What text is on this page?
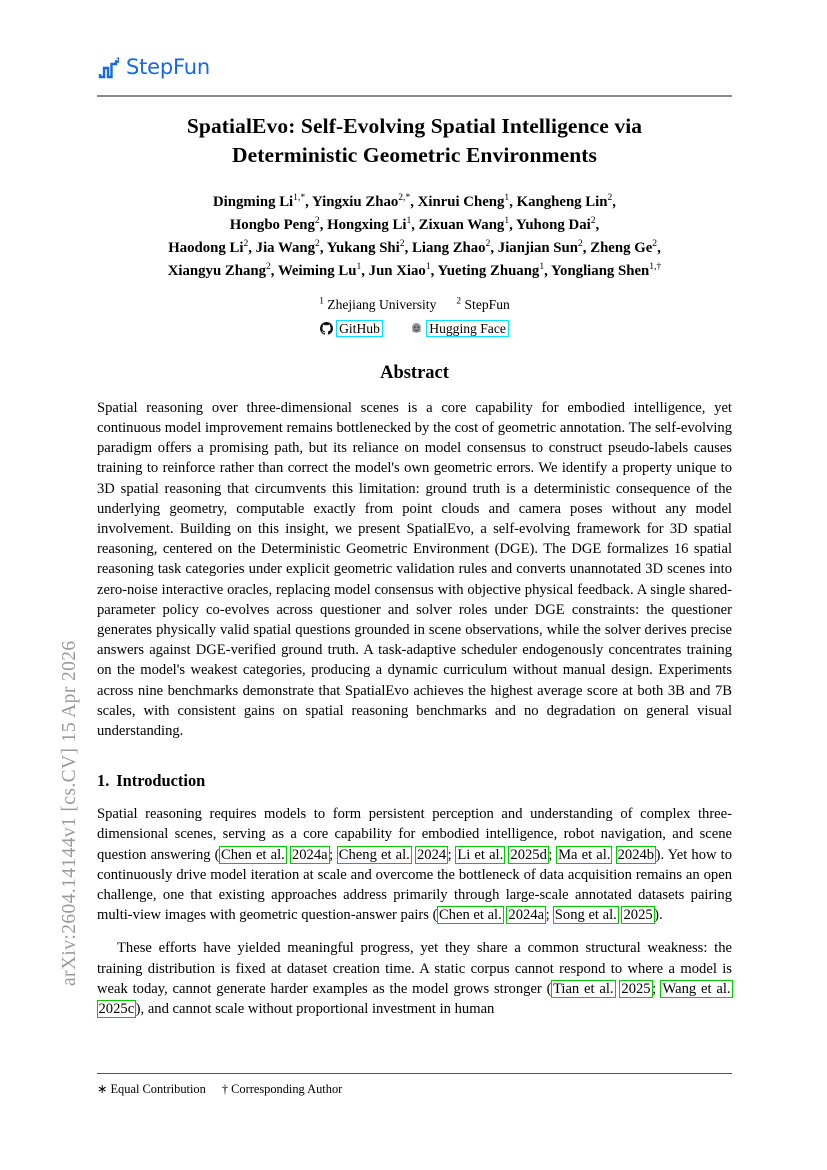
arXiv:2604.14144v1 [cs.CV] 15 Apr 2026
StepFun
SpatialEvo: Self-Evolving Spatial Intelligence via
Deterministic Geometric Environments
Dingming $Li^{1,*}$, Yingxiu Zhao$^{2,*}$, Xinrui Cheng$^1$, Kangheng Lin$^2$,
Hongbo Peng$^2$, Hongxing Li$^1$, Zixuan Wang$^1$, Yuhong Dai$^2$,
Haodong Li$^2$, Jia Wang$^2$, Yukang Shi$^2$, Liang Zhao$^2$, Jianjian Sun$^2$, Zheng Ge$^2$,
Xiangyu Zhang$^2$, Weiming Lu$^1$, Jun Xiao$^1$, Yueting Zhuang$^1$, Yongliang Shen$^{1,\dagger}$
$^1$ Zhejiang University $^2$ StepFun
GitHub
	Hugging Face
Abstract
Spatial reasoning over three-dimensional scenes is a core capability for embodied intelligence, yet continuous model improvement remains bottlenecked by the cost of geometric annotation. The self-evolving paradigm offers a promising path, but its reliance on model consensus to construct pseudo-labels causes training to reinforce rather than correct the model's own geometric errors. We identify a property unique to 3D spatial reasoning that circumvents this limitation: ground truth is a deterministic consequence of the underlying geometry, computable exactly from point clouds and camera poses without any model involvement. Building on this insight, we present SpatialEvo, a self-evolving framework for 3D spatial reasoning, centered on the Deterministic Geometric Environment (DGE). The DGE formalizes 16 spatial reasoning task categories under explicit geometric validation rules and converts unannotated 3D scenes into zero-noise interactive oracles, replacing model consensus with objective physical feedback. A single shared-parameter policy co-evolves across questioner and solver roles under DGE constraints: the questioner generates physically valid spatial questions grounded in scene observations, while the solver derives precise answers against DGE-verified ground truth. A task-adaptive scheduler endogenously concentrates training on the model's weakest categories, producing a dynamic curriculum without manual design. Experiments across nine benchmarks demonstrate that SpatialEvo achieves the highest average score at both 3B and 7B scales, with consistent gains on spatial reasoning benchmarks and no degradation on general visual understanding.
1. Introduction
Spatial reasoning requires models to form persistent perception and understanding of complex three-dimensional scenes, serving as a core capability for embodied intelligence, robot navigation, and scene question answering ( Chen et al. 2024a ; Cheng et al. 2024 ; Li et al. 2025d ; Ma et al. 2024b ). Yet how to continuously drive model iteration at scale and overcome the bottleneck of data acquisition remains an open challenge, one that existing approaches address primarily through large-scale annotated datasets pairing multi-view images with geometric question-answer pairs ( Chen et al. 2024a ; Song et al. 2025 ).
These efforts have yielded meaningful progress, yet they share a common structural weakness: the training distribution is fixed at dataset creation time. A static corpus cannot respond to where a model is weak today, cannot generate harder examples as the model grows stronger ( Tian et al. 2025 ; Wang et al. 2025c ), and cannot scale without proportional investment in human
∗ Equal Contribution † Corresponding Author
